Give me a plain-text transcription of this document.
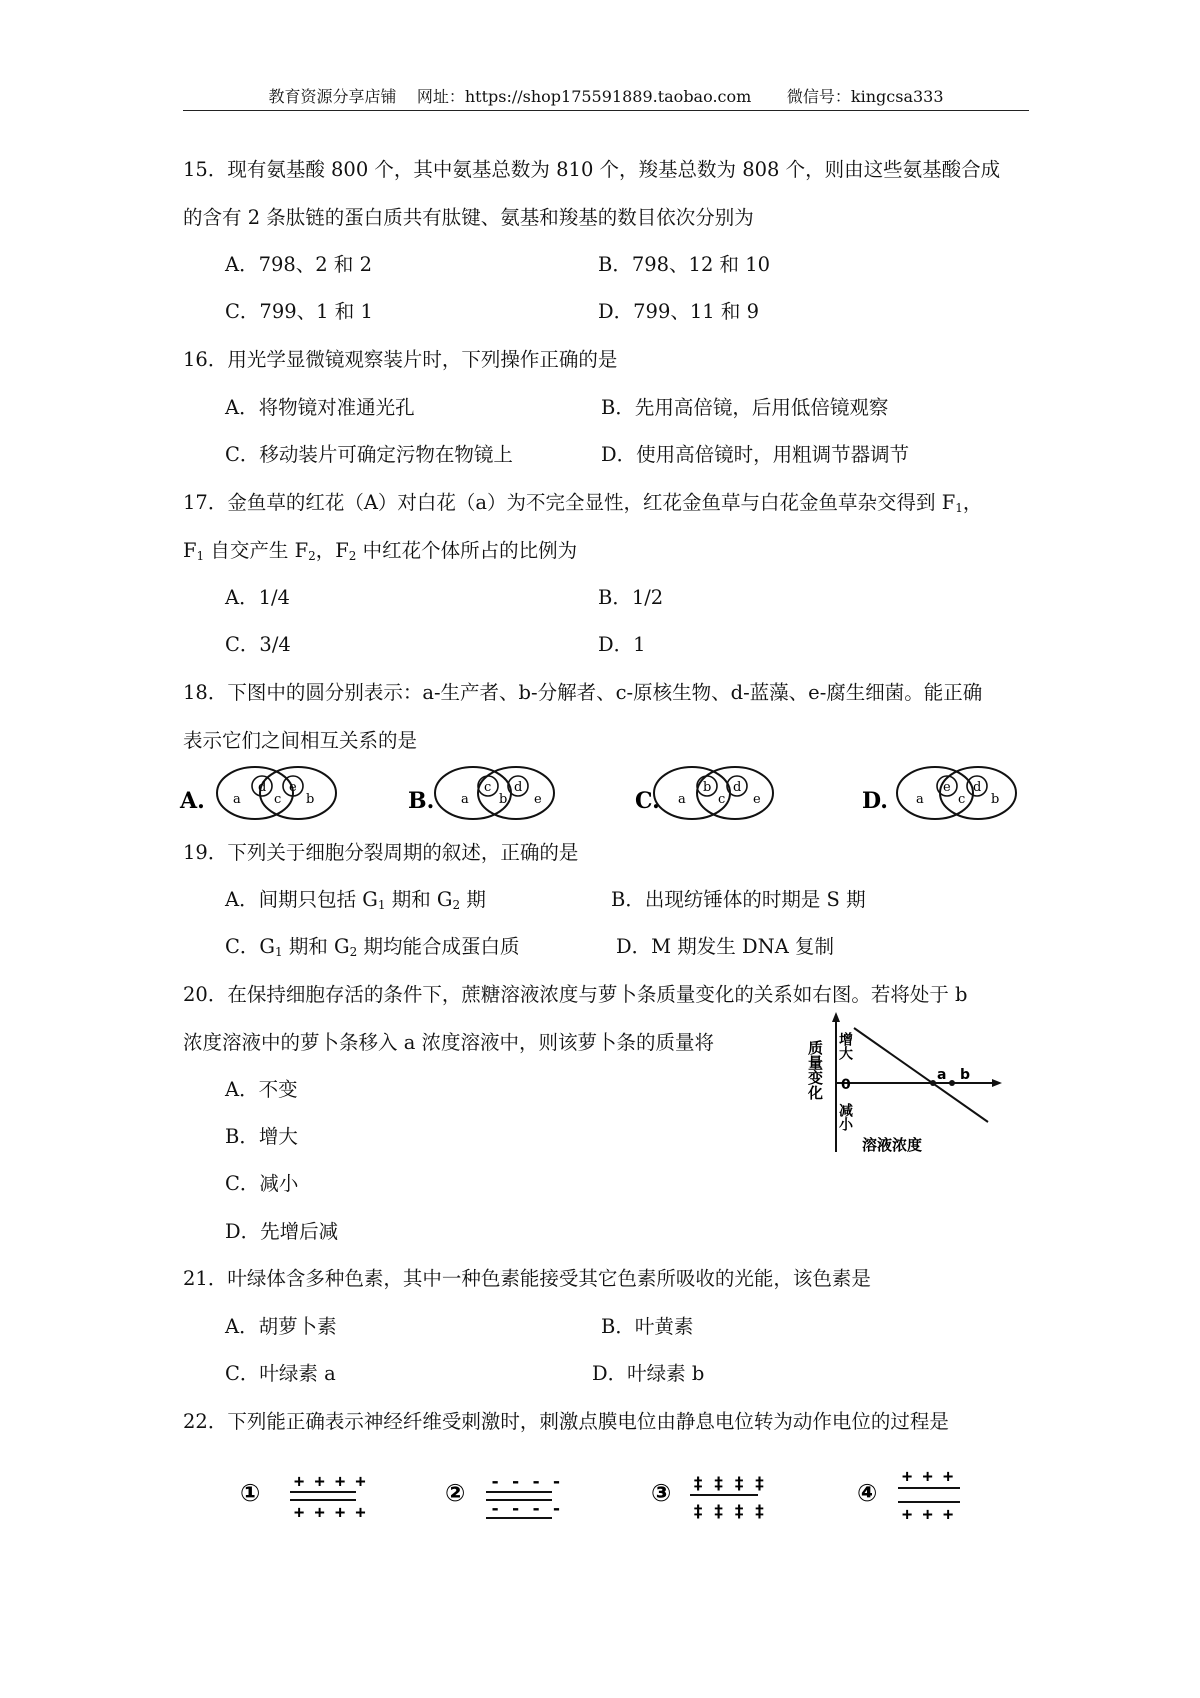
教育资源分享店铺 网址：https://shop175591889.taobao.com 微信号：kingcsa333
15．现有氨基酸 800 个，其中氨基总数为 810 个，羧基总数为 808 个，则由这些氨基酸合成
的含有 2 条肽链的蛋白质共有肽键、氨基和羧基的数目依次分别为
A．798、2 和 2	B．798、12 和 10
C．799、1 和 1	D．799、11 和 9
16．用光学显微镜观察装片时，下列操作正确的是
A．将物镜对准通光孔	B．先用高倍镜，后用低倍镜观察
C．移动装片可确定污物在物镜上	D．使用高倍镜时，用粗调节器调节
17．金鱼草的红花（A）对白花（a）为不完全显性，红花金鱼草与白花金鱼草杂交得到 $F_1$，
$F_1$ 自交产生 $F_2$，$F_2$ 中红花个体所占的比例为
A．1/4	B．1/2
C．3/4	D．1
18．下图中的圆分别表示：a-生产者、b-分解者、c-原核生物、d-蓝藻、e-腐生细菌。能正确
表示它们之间相互关系的是
A. a
d
c
e
b	B. a
c
b
d
e	C. a
b
c
d
e	D. a
e
c
d
b
19．下列关于细胞分裂周期的叙述，正确的是
A．间期只包括 $G_1$ 期和 $G_2$ 期	B．出现纺锤体的时期是 S 期
C．$G_1$ 期和 $G_2$ 期均能合成蛋白质	D．M 期发生 DNA 复制
20．在保持细胞存活的条件下，蔗糖溶液浓度与萝卜条质量变化的关系如右图。若将处于 b
浓度溶液中的萝卜条移入 a 浓度溶液中，则该萝卜条的质量将
A．不变
B．增大
C．减小
D．先增后减
质量变化 增大
0
减小
a b
溶液浓度
21．叶绿体含多种色素，其中一种色素能接受其它色素所吸收的光能，该色素是
A．胡萝卜素	B．叶黄素
C．叶绿素 a	D．叶绿素 b
22．下列能正确表示神经纤维受刺激时，刺激点膜电位由静息电位转为动作电位的过程是
① + + + +
+ + + +
② - - - -
- - - -
③ ‡ ‡ ‡ ‡
‡ ‡ ‡ ‡
④
+ + +
+ + +
